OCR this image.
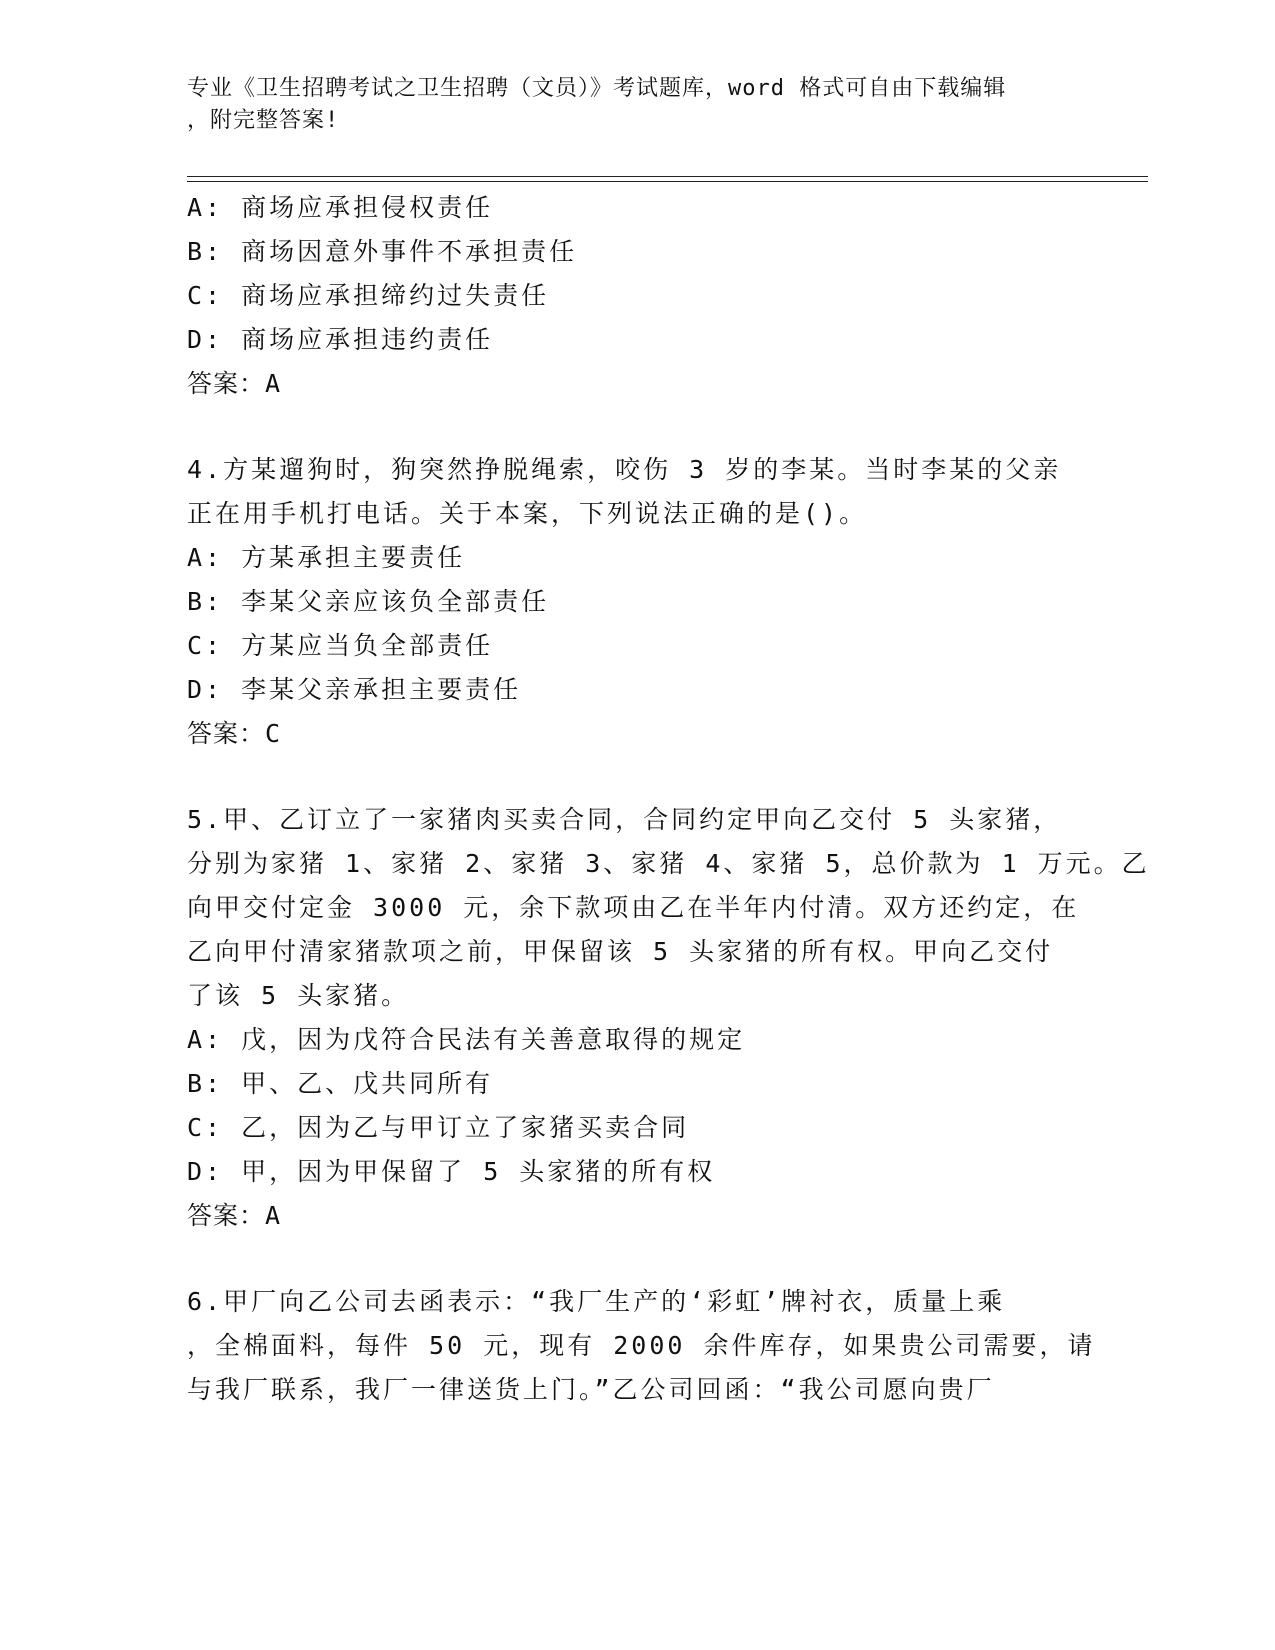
专业《卫生招聘考试之卫生招聘（文员）》考试题库，word 格式可自由下载编辑
，附完整答案!
A: 商场应承担侵权责任
B: 商场因意外事件不承担责任
C: 商场应承担缔约过失责任
D: 商场应承担违约责任
答案：A
4.方某遛狗时，狗突然挣脱绳索，咬伤 3 岁的李某。当时李某的父亲
正在用手机打电话。关于本案，下列说法正确的是()。
A: 方某承担主要责任
B: 李某父亲应该负全部责任
C: 方某应当负全部责任
D: 李某父亲承担主要责任
答案：C
5.甲、乙订立了一家猪肉买卖合同，合同约定甲向乙交付 5 头家猪，
分别为家猪 1、家猪 2、家猪 3、家猪 4、家猪 5，总价款为 1 万元。乙
向甲交付定金 3000 元，余下款项由乙在半年内付清。双方还约定，在
乙向甲付清家猪款项之前，甲保留该 5 头家猪的所有权。甲向乙交付
了该 5 头家猪。
A: 戊，因为戊符合民法有关善意取得的规定
B: 甲、乙、戊共同所有
C: 乙，因为乙与甲订立了家猪买卖合同
D: 甲，因为甲保留了 5 头家猪的所有权
答案：A
6.甲厂向乙公司去函表示：“我厂生产的‘彩虹’牌衬衣，质量上乘
，全棉面料，每件 50 元，现有 2000 余件库存，如果贵公司需要，请
与我厂联系，我厂一律送货上门。”乙公司回函：“我公司愿向贵厂
